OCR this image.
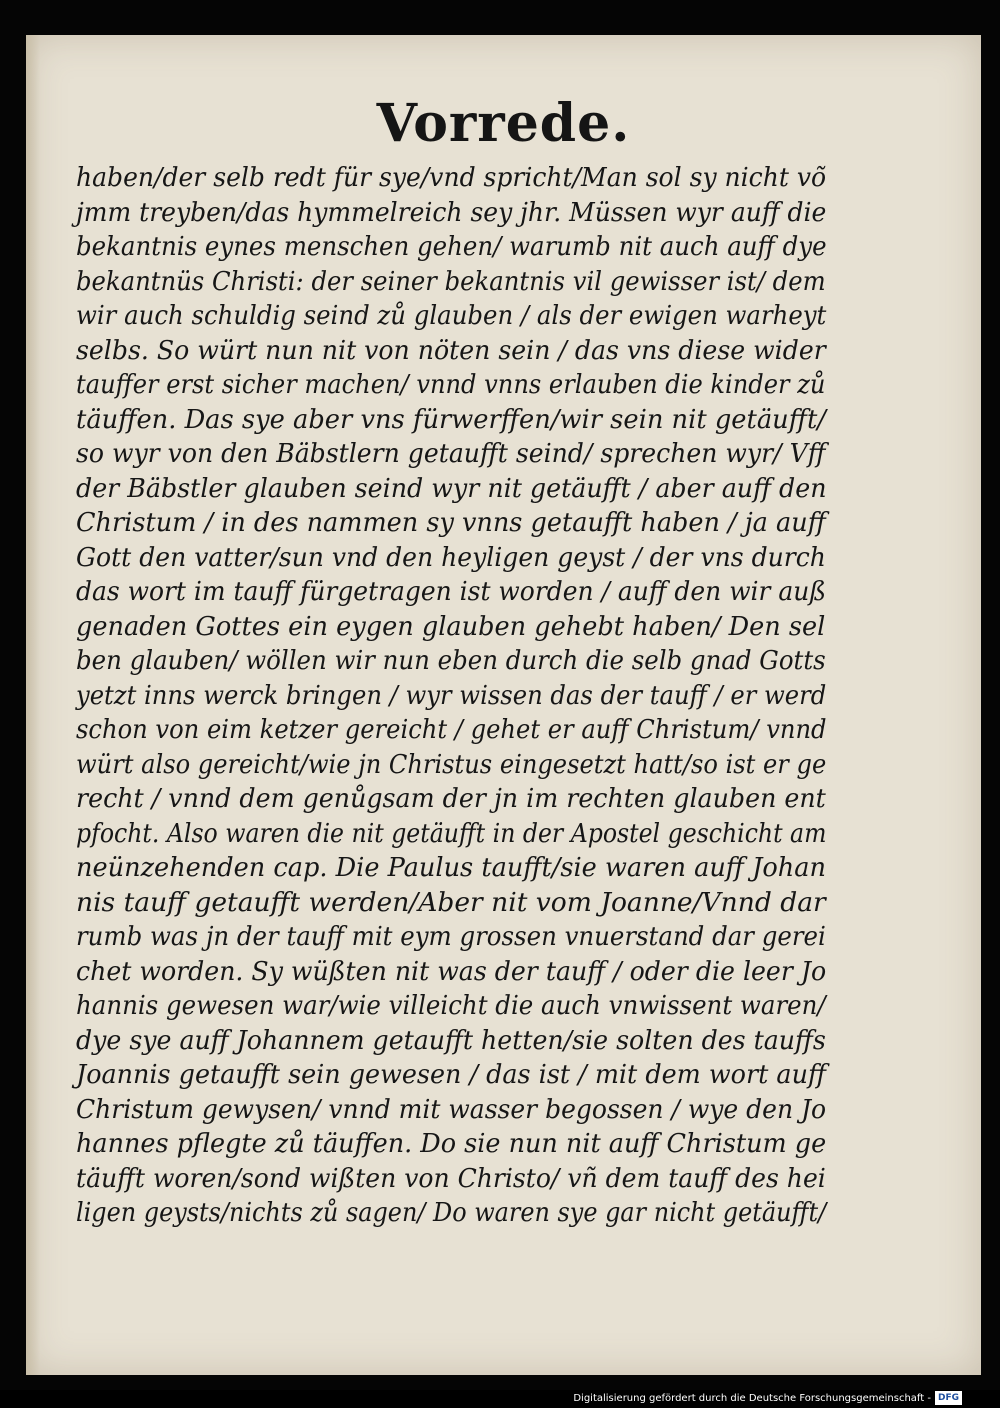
Vorrede.
haben/der selb redt für sye/vnd spricht/Man sol sy nicht võ
jmm treyben/das hymmelreich sey jhr. Müssen wyr auff die
bekantnis eynes menschen gehen/ warumb nit auch auff dye
bekantnüs Christi: der seiner bekantnis vil gewisser ist/ dem
wir auch schuldig seind zů glauben / als der ewigen warheyt
selbs. So würt nun nit von nöten sein / das vns diese wider
tauffer erst sicher machen/ vnnd vnns erlauben die kinder zů
täuffen. Das sye aber vns fürwerffen/wir sein nit getäufft/
so wyr von den Bäbstlern getaufft seind/ sprechen wyr/ Vff
der Bäbstler glauben seind wyr nit getäufft / aber auff den
Christum / in des nammen sy vnns getaufft haben / ja auff
Gott den vatter/sun vnd den heyligen geyst / der vns durch
das wort im tauff fürgetragen ist worden / auff den wir auß
genaden Gottes ein eygen glauben gehebt haben/ Den sel
ben glauben/ wöllen wir nun eben durch die selb gnad Gotts
yetzt inns werck bringen / wyr wissen das der tauff / er werd
schon von eim ketzer gereicht / gehet er auff Christum/ vnnd
würt also gereicht/wie jn Christus eingesetzt hatt/so ist er ge
recht / vnnd dem genůgsam der jn im rechten glauben ent
pfocht. Also waren die nit getäufft in der Apostel geschicht am
neünzehenden cap. Die Paulus taufft/sie waren auff Johan
nis tauff getaufft werden/Aber nit vom Joanne/Vnnd dar
rumb was jn der tauff mit eym grossen vnuerstand dar gerei
chet worden. Sy wüßten nit was der tauff / oder die leer Jo
hannis gewesen war/wie villeicht die auch vnwissent waren/
dye sye auff Johannem getaufft hetten/sie solten des tauffs
Joannis getaufft sein gewesen / das ist / mit dem wort auff
Christum gewysen/ vnnd mit wasser begossen / wye den Jo
hannes pflegte zů täuffen. Do sie nun nit auff Christum ge
täufft woren/sond wißten von Christo/ vñ dem tauff des hei
ligen geysts/nichts zů sagen/ Do waren sye gar nicht getäufft/
Digitalisierung gefördert durch die Deutsche Forschungsgemeinschaft - DFG
